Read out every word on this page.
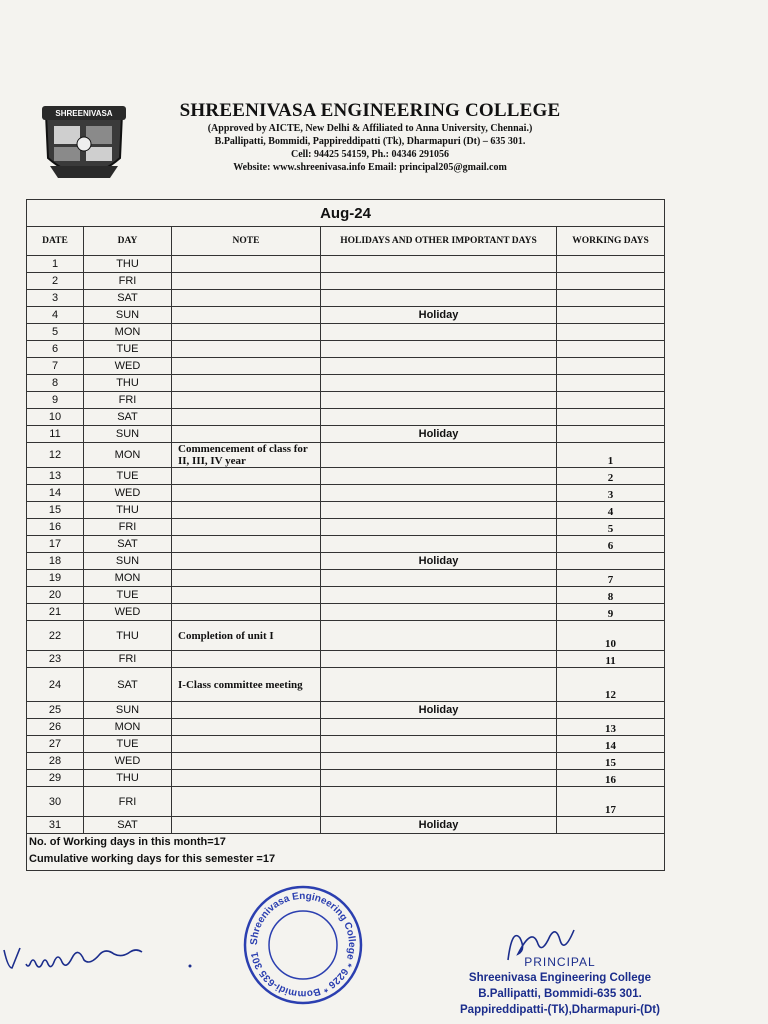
SHREENIVASA	SHREENIVASA ENGINEERING COLLEGE
(Approved by AICTE, New Delhi & Affiliated to Anna University, Chennai.)
B.Pallipatti, Bommidi, Pappireddipatti (Tk), Dharmapuri (Dt) – 635 301.
Cell: 94425 54159, Ph.: 04346 291056
Website: www.shreenivasa.info Email: principal205@gmail.com
Aug-24				
DATE	DAY	NOTE	HOLIDAYS AND OTHER IMPORTANT DAYS	WORKING DAYS
1	THU			
2	FRI			
3	SAT			
4	SUN		Holiday	
5	MON			
6	TUE			
7	WED			
8	THU			
9	FRI			
10	SAT			
11	SUN		Holiday	
12	MON	Commencement of class for II, III, IV year		1
13	TUE			2
14	WED			3
15	THU			4
16	FRI			5
17	SAT			6
18	SUN		Holiday	
19	MON			7
20	TUE			8
21	WED			9
22	THU	Completion of unit I		10
23	FRI			11
24	SAT	I-Class committee meeting		12
25	SUN		Holiday	
26	MON			13
27	TUE			14
28	WED			15
29	THU			16
30	FRI			17
31	SAT		Holiday	

No. of Working days in this month=17
Cumulative working days for this semester =17				
Shreenivasa Engineering College * 6226 * Bommidi-635 301
PRINCIPAL
Shreenivasa Engineering College
B.Pallipatti, Bommidi-635 301.
Pappireddipatti-(Tk),Dharmapuri-(Dt)
